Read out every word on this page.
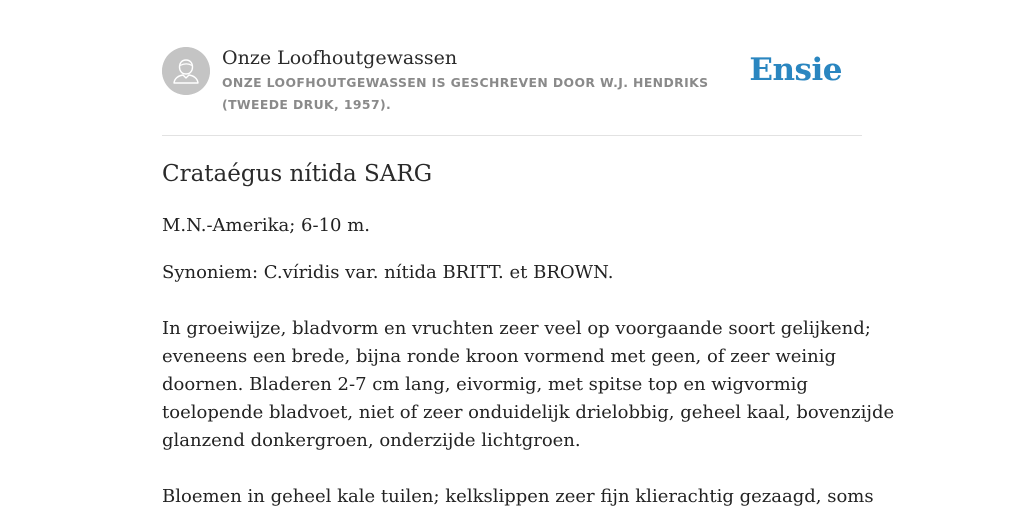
Onze Loofhoutgewassen
ONZE LOOFHOUTGEWASSEN IS GESCHREVEN DOOR W.J. HENDRIKS (TWEEDE DRUK, 1957).
Ensie
Crataégus nítida SARG

M.N.-Amerika; 6-10 m.

Synoniem: C.víridis var. nítida BRITT. et BROWN.

In groeiwijze, bladvorm en vruchten zeer veel op voorgaande soort gelijkend;
eveneens een brede, bijna ronde kroon vormend met geen, of zeer weinig
doornen. Bladeren 2-7 cm lang, eivormig, met spitse top en wigvormig
toelopende bladvoet, niet of zeer onduidelijk drielobbig, geheel kaal, bovenzijde
glanzend donkergroen, onderzijde lichtgroen.

Bloemen in geheel kale tuilen; kelkslippen zeer fijn klierachtig gezaagd, soms
